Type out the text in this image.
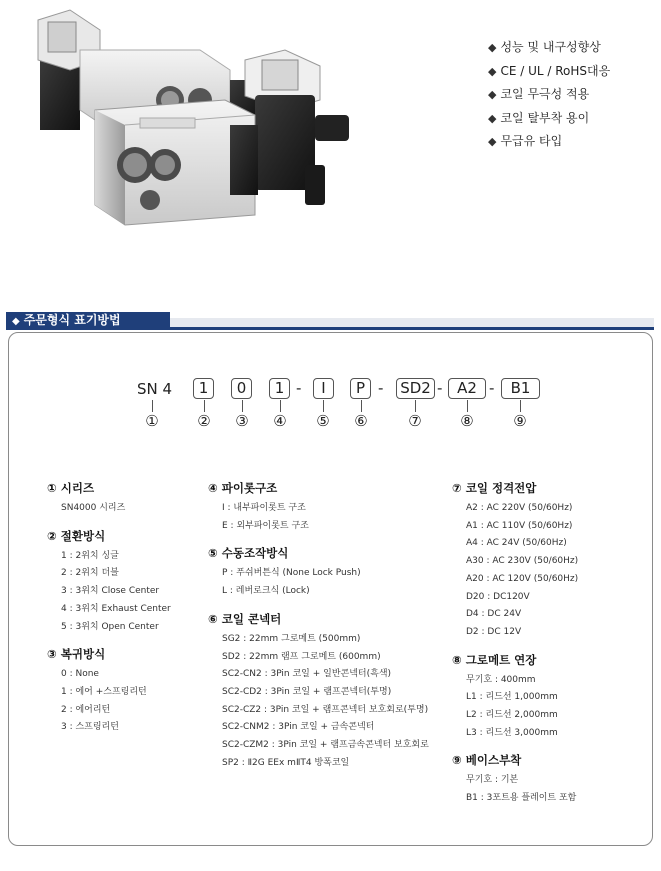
◆ 성능 및 내구성향상
◆ CE / UL / RoHS대응
◆ 코일 무극성 적용
◆ 코일 탈부착 용이
◆ 무급유 타입
◆ 주문형식 표기방법
SN 4	1	0	1 -	I	P - SD2 - A2 -	B1
①	② ③ ④ ⑤ ⑥	⑦	⑧	⑨
① 시리즈
SN4000 시리즈
② 절환방식
1 : 2위치 싱글
2 : 2위치 더블
3 : 3위치 Close Center
4 : 3위치 Exhaust Center
5 : 3위치 Open Center
③ 복귀방식
0 : None
1 : 에어 +스프링리턴
2 : 에어리턴
3 : 스프링리턴
④ 파이롯구조
I : 내부파이롯트 구조
E : 외부파이롯트 구조
⑤ 수동조작방식
P : 푸쉬버튼식 (None Lock Push)
L : 레버로크식 (Lock)
⑥ 코일 콘넥터
SG2 : 22mm 그로메트 (500mm)
SD2 : 22mm 램프 그로메트 (600mm)
SC2-CN2 : 3Pin 코일 + 일반콘넥터(흑색)
SC2-CD2 : 3Pin 코일 + 램프콘넥터(투명)
SC2-CZ2 : 3Pin 코일 + 램프콘넥터 보호회로(투명)
SC2-CNM2 : 3Pin 코일 + 금속콘넥터
SC2-CZM2 : 3Pin 코일 + 램프금속콘넥터 보호회로
SP2 : Ⅱ2G EEx mⅡT4 방폭코일
⑦ 코일 정격전압
A2 : AC 220V (50/60Hz)
A1 : AC 110V (50/60Hz)
A4 : AC 24V (50/60Hz)
A30 : AC 230V (50/60Hz)
A20 : AC 120V (50/60Hz)
D20 : DC120V
D4 : DC 24V
D2 : DC 12V
⑧ 그로메트 연장
무기호 : 400mm
L1 : 리드선 1,000mm
L2 : 리드선 2,000mm
L3 : 리드선 3,000mm
⑨ 베이스부착
무기호 : 기본
B1 : 3포트용 플레이트 포함
